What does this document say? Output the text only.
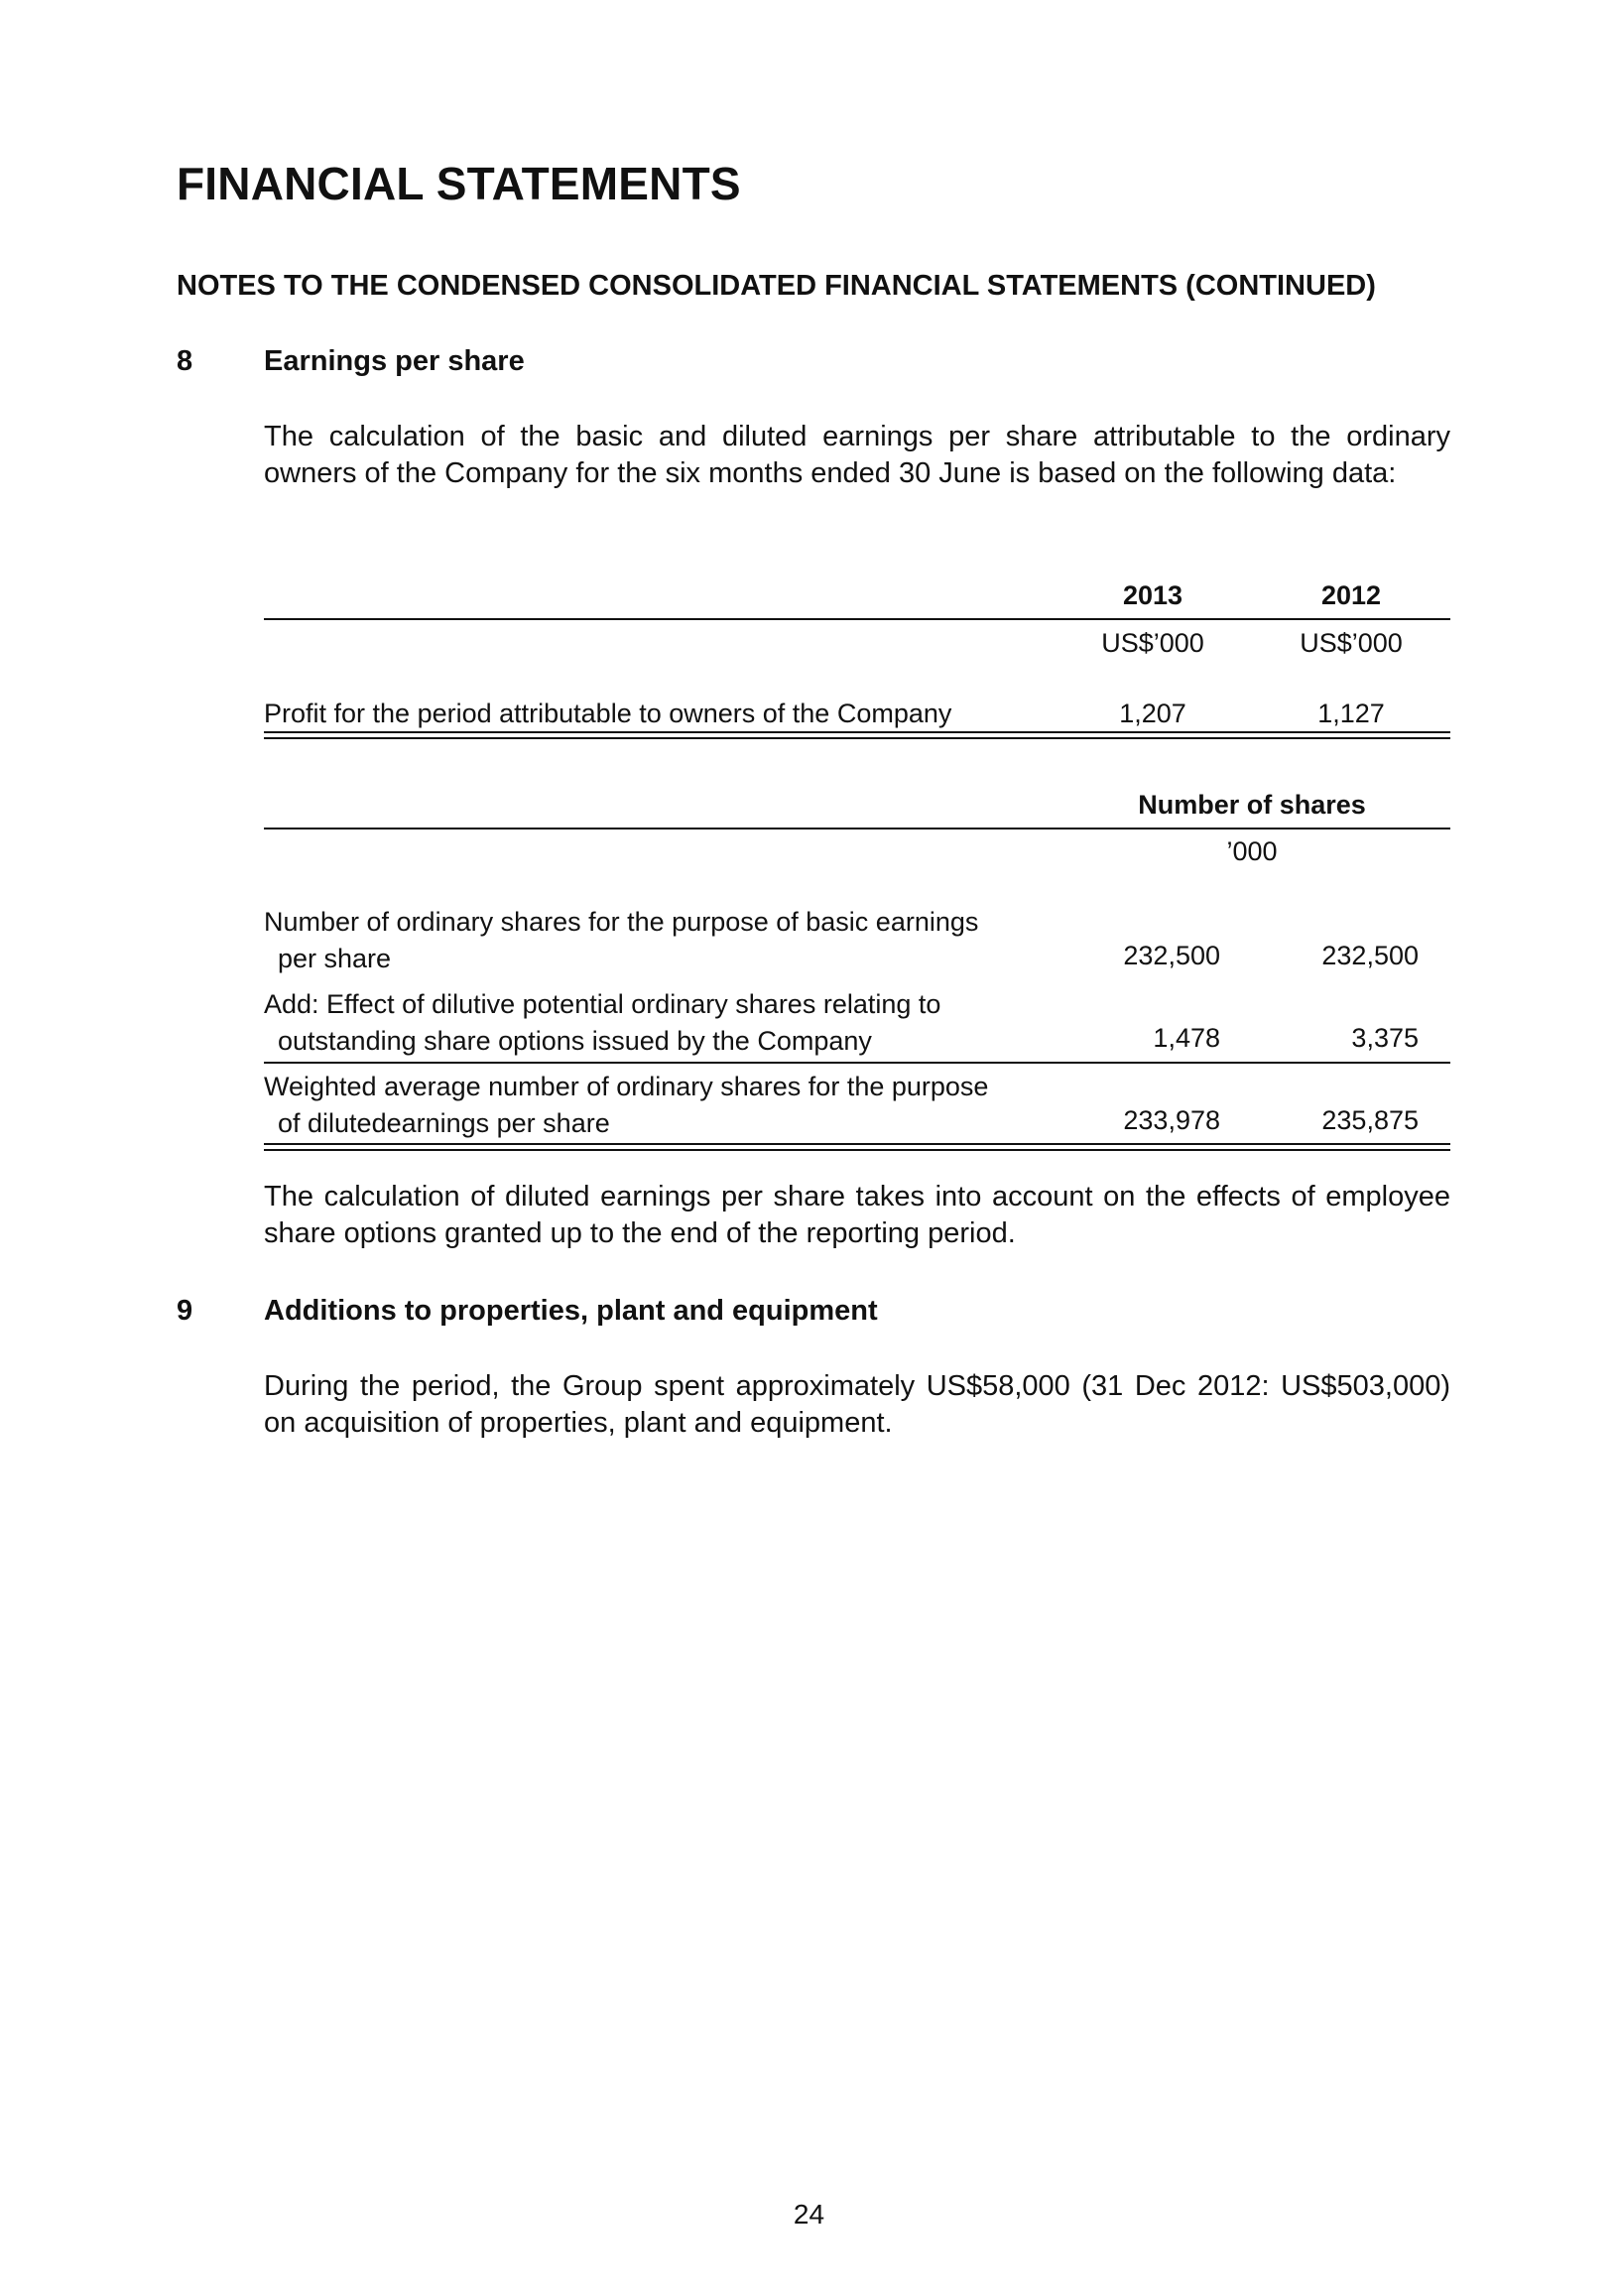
FINANCIAL STATEMENTS
NOTES TO THE CONDENSED CONSOLIDATED FINANCIAL STATEMENTS (CONTINUED)
8 Earnings per share
The calculation of the basic and diluted earnings per share attributable to the ordinary owners of the Company for the six months ended 30 June is based on the following data:
2013	2012
US$’000	US$’000
Profit for the period attributable to owners of the Company	1,207	1,127
Number of shares
’000
Number of ordinary shares for the purpose of basic earnings
per share	232,500	232,500
Add: Effect of dilutive potential ordinary shares relating to
outstanding share options issued by the Company	1,478	3,375
Weighted average number of ordinary shares for the purpose
of dilutedearnings per share	233,978	235,875
The calculation of diluted earnings per share takes into account on the effects of employee share options granted up to the end of the reporting period.
9 Additions to properties, plant and equipment
During the period, the Group spent approximately US$58,000 (31 Dec 2012: US$503,000) on acquisition of properties, plant and equipment.
24
